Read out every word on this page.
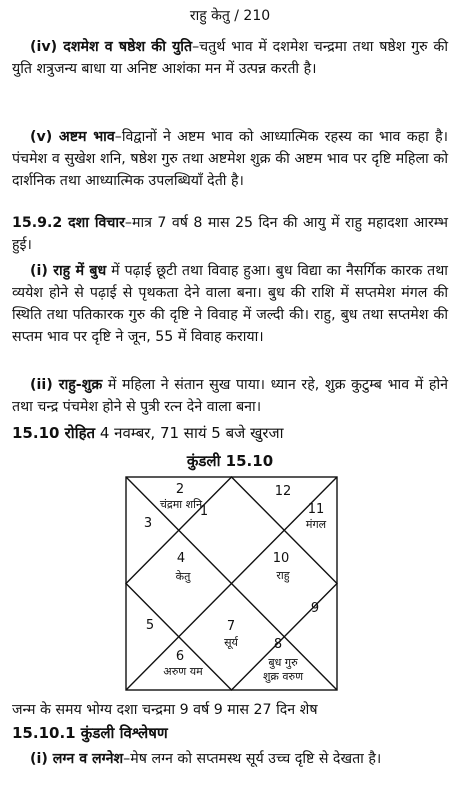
राहु केतु / 210

(iv) दशमेश व षष्ठेश की युति–चतुर्थ भाव में दशमेश चन्द्रमा तथा षष्ठेश गुरु की युति शत्रुजन्य बाधा या अनिष्ट आशंका मन में उत्पन्न करती है।

(v) अष्टम भाव–विद्वानों ने अष्टम भाव को आध्यात्मिक रहस्य का भाव कहा है। पंचमेश व सुखेश शनि, षष्ठेश गुरु तथा अष्टमेश शुक्र की अष्टम भाव पर दृष्टि महिला को दार्शनिक तथा आध्यात्मिक उपलब्धियाँ देती है।

15.9.2 दशा विचार–मात्र 7 वर्ष 8 मास 25 दिन की आयु में राहु महादशा आरम्भ हुई।

(i) राहु में बुध में पढ़ाई छूटी तथा विवाह हुआ। बुध विद्या का नैसर्गिक कारक तथा व्ययेश होने से पढ़ाई से पृथकता देने वाला बना। बुध की राशि में सप्तमेश मंगल की स्थिति तथा पतिकारक गुरु की दृष्टि ने विवाह में जल्दी की। राहु, बुध तथा सप्तमेश की सप्तम भाव पर दृष्टि ने जून, 55 में विवाह कराया।

(ii) राहु-शुक्र में महिला ने संतान सुख पाया। ध्यान रहे, शुक्र कुटुम्ब भाव में होने तथा चन्द्र पंचमेश होने से पुत्री रत्न देने वाला बना।

15.10 रोहित 4 नवम्बर, 71 सायं 5 बजे खुरजा
कुंडली 15.10
1
2
3
4
5
6
7
8
9
10
11
12
चंद्रमा शनि
केतु
अरुण यम
सूर्य
बुध गुरु
शुक्र वरुण
राहु
मंगल
जन्म के समय भोग्य दशा चन्द्रमा 9 वर्ष 9 मास 27 दिन शेष
15.10.1 कुंडली विश्लेषण

(i) लग्न व लग्नेश–मेष लग्न को सप्तमस्थ सूर्य उच्च दृष्टि से देखता है।
